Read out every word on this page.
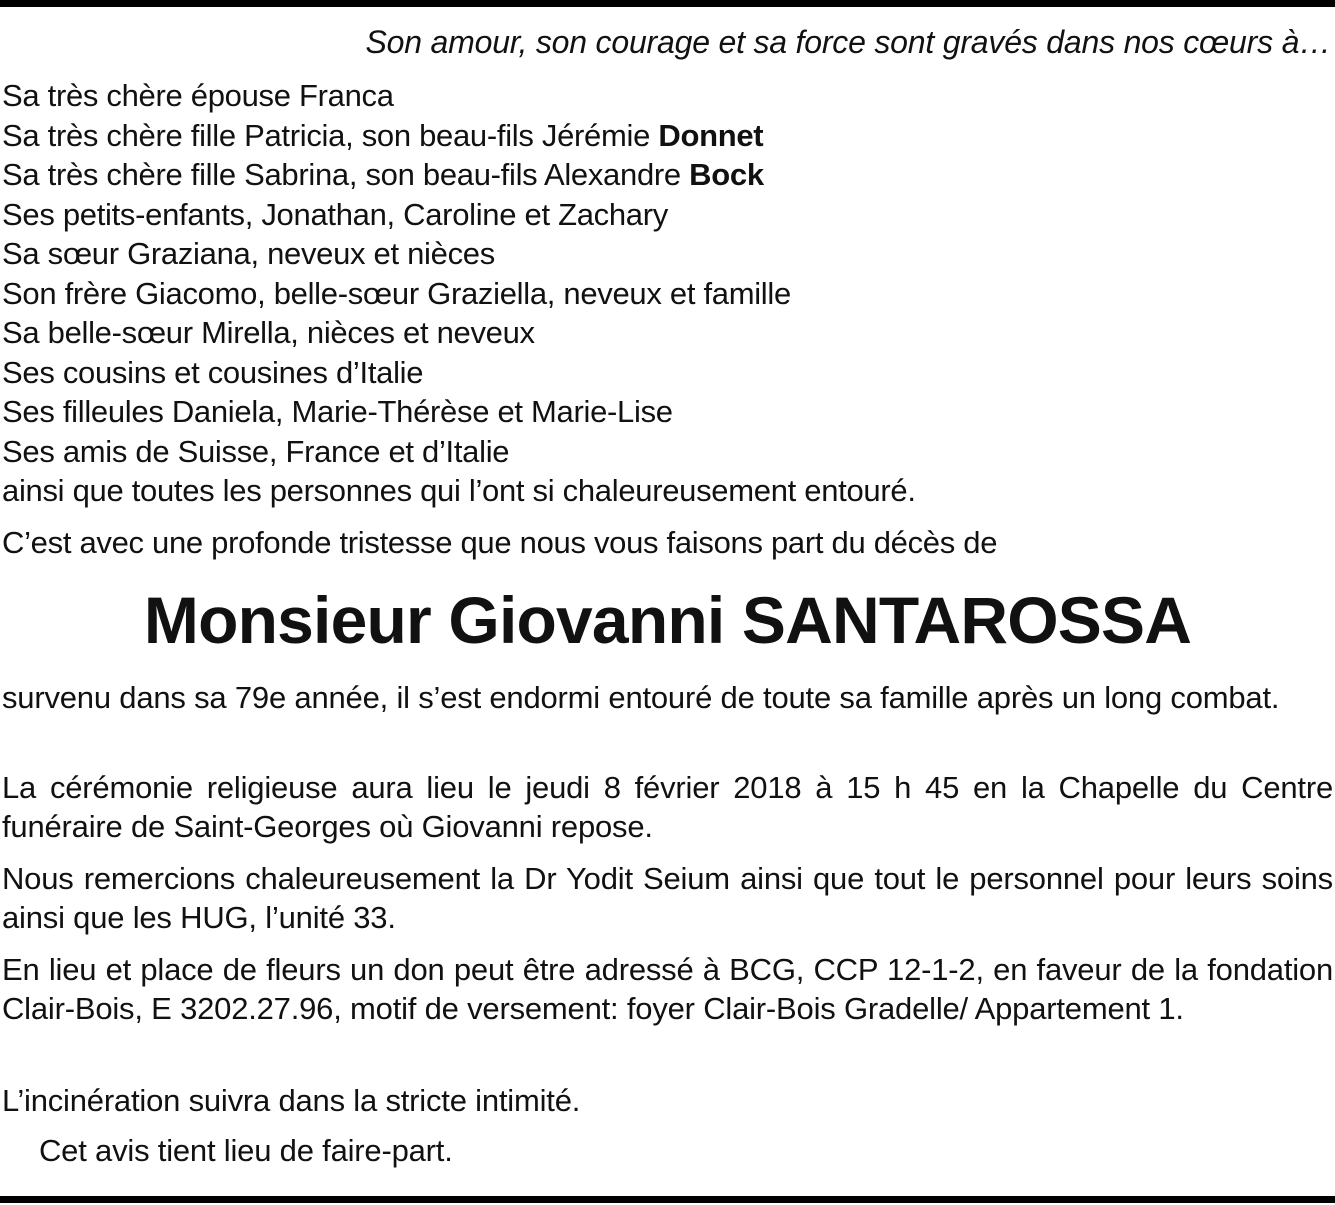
Son amour, son courage et sa force sont gravés dans nos cœurs à…
Sa très chère épouse Franca
Sa très chère fille Patricia, son beau-fils Jérémie Donnet
Sa très chère fille Sabrina, son beau-fils Alexandre Bock
Ses petits-enfants, Jonathan, Caroline et Zachary
Sa sœur Graziana, neveux et nièces
Son frère Giacomo, belle-sœur Graziella, neveux et famille
Sa belle-sœur Mirella, nièces et neveux
Ses cousins et cousines d’Italie
Ses filleules Daniela, Marie-Thérèse et Marie-Lise
Ses amis de Suisse, France et d’Italie
ainsi que toutes les personnes qui l’ont si chaleureusement entouré.
C’est avec une profonde tristesse que nous vous faisons part du décès de
Monsieur Giovanni SANTAROSSA

survenu dans sa 79e année, il s’est endormi entouré de toute sa famille après un long combat.

La cérémonie religieuse aura lieu le jeudi 8 février 2018 à 15 h 45 en la Chapelle du Centre funéraire de Saint-Georges où Giovanni repose.

Nous remercions chaleureusement la Dr Yodit Seium ainsi que tout le personnel pour leurs soins ainsi que les HUG, l’unité 33.

En lieu et place de fleurs un don peut être adressé à BCG, CCP 12-1-2, en faveur de la fondation Clair-Bois, E 3202.27.96, motif de versement: foyer Clair-Bois Gradelle/ Appartement 1.

L’incinération suivra dans la stricte intimité.

Cet avis tient lieu de faire-part.
